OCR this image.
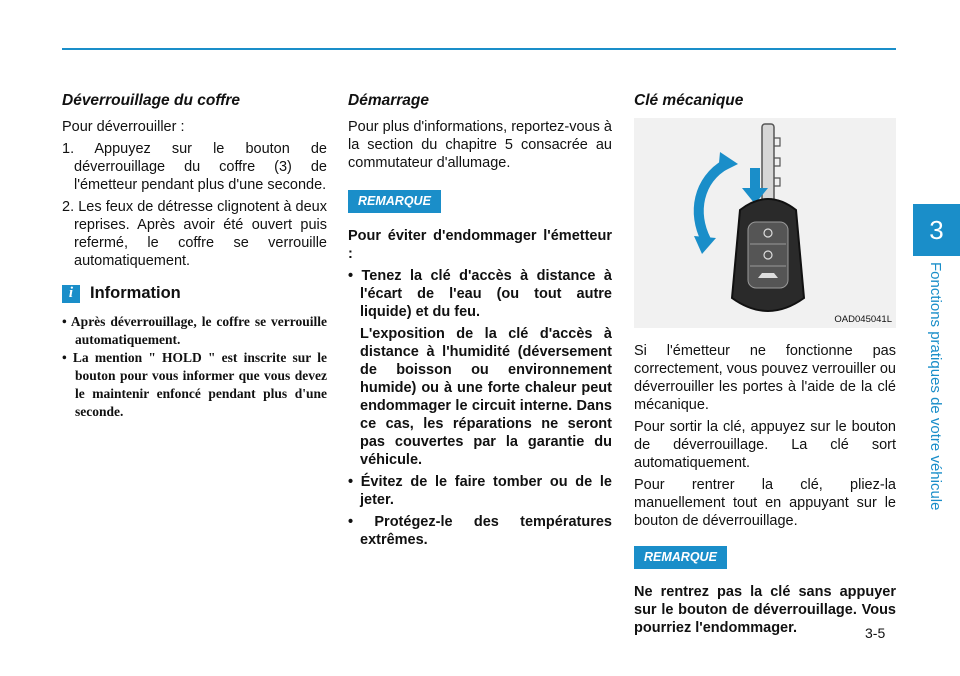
3
Fonctions pratiques de votre véhicule
Déverrouillage du coffre

Pour déverrouiller :

1. Appuyez sur le bouton de déverrouillage du coffre (3) de l'émetteur pendant plus d'une seconde.
2. Les feux de détresse clignotent à deux reprises. Après avoir été ouvert puis refermé, le coffre se verrouille automatiquement.
i	Information
• Après déverrouillage, le coffre se verrouille automatiquement.
• La mention " HOLD " est inscrite sur le bouton pour vous informer que vous devez le maintenir enfoncé pendant plus d'une seconde.
Démarrage

Pour plus d'informations, reportez-vous à la section du chapitre 5 consacrée au commutateur d'allumage.

REMARQUE

Pour éviter d'endommager l'émetteur :

• Tenez la clé d'accès à distance à l'écart de l'eau (ou tout autre liquide) et du feu.
L'exposition de la clé d'accès à distance à l'humidité (déversement de boisson ou environnement humide) ou à une forte chaleur peut endommager le circuit interne. Dans ce cas, les réparations ne seront pas couvertes par la garantie du véhicule.
• Évitez de le faire tomber ou de le jeter.
• Protégez-le des températures extrêmes.
Clé mécanique
OAD045041L

Si l'émetteur ne fonctionne pas correctement, vous pouvez verrouiller ou déverrouiller les portes à l'aide de la clé mécanique.

Pour sortir la clé, appuyez sur le bouton de déverrouillage. La clé sort automatiquement.

Pour rentrer la clé, pliez-la manuellement tout en appuyant sur le bouton de déverrouillage.

REMARQUE

Ne rentrez pas la clé sans appuyer sur le bouton de déverrouillage. Vous pourriez l'endommager.	3-5
